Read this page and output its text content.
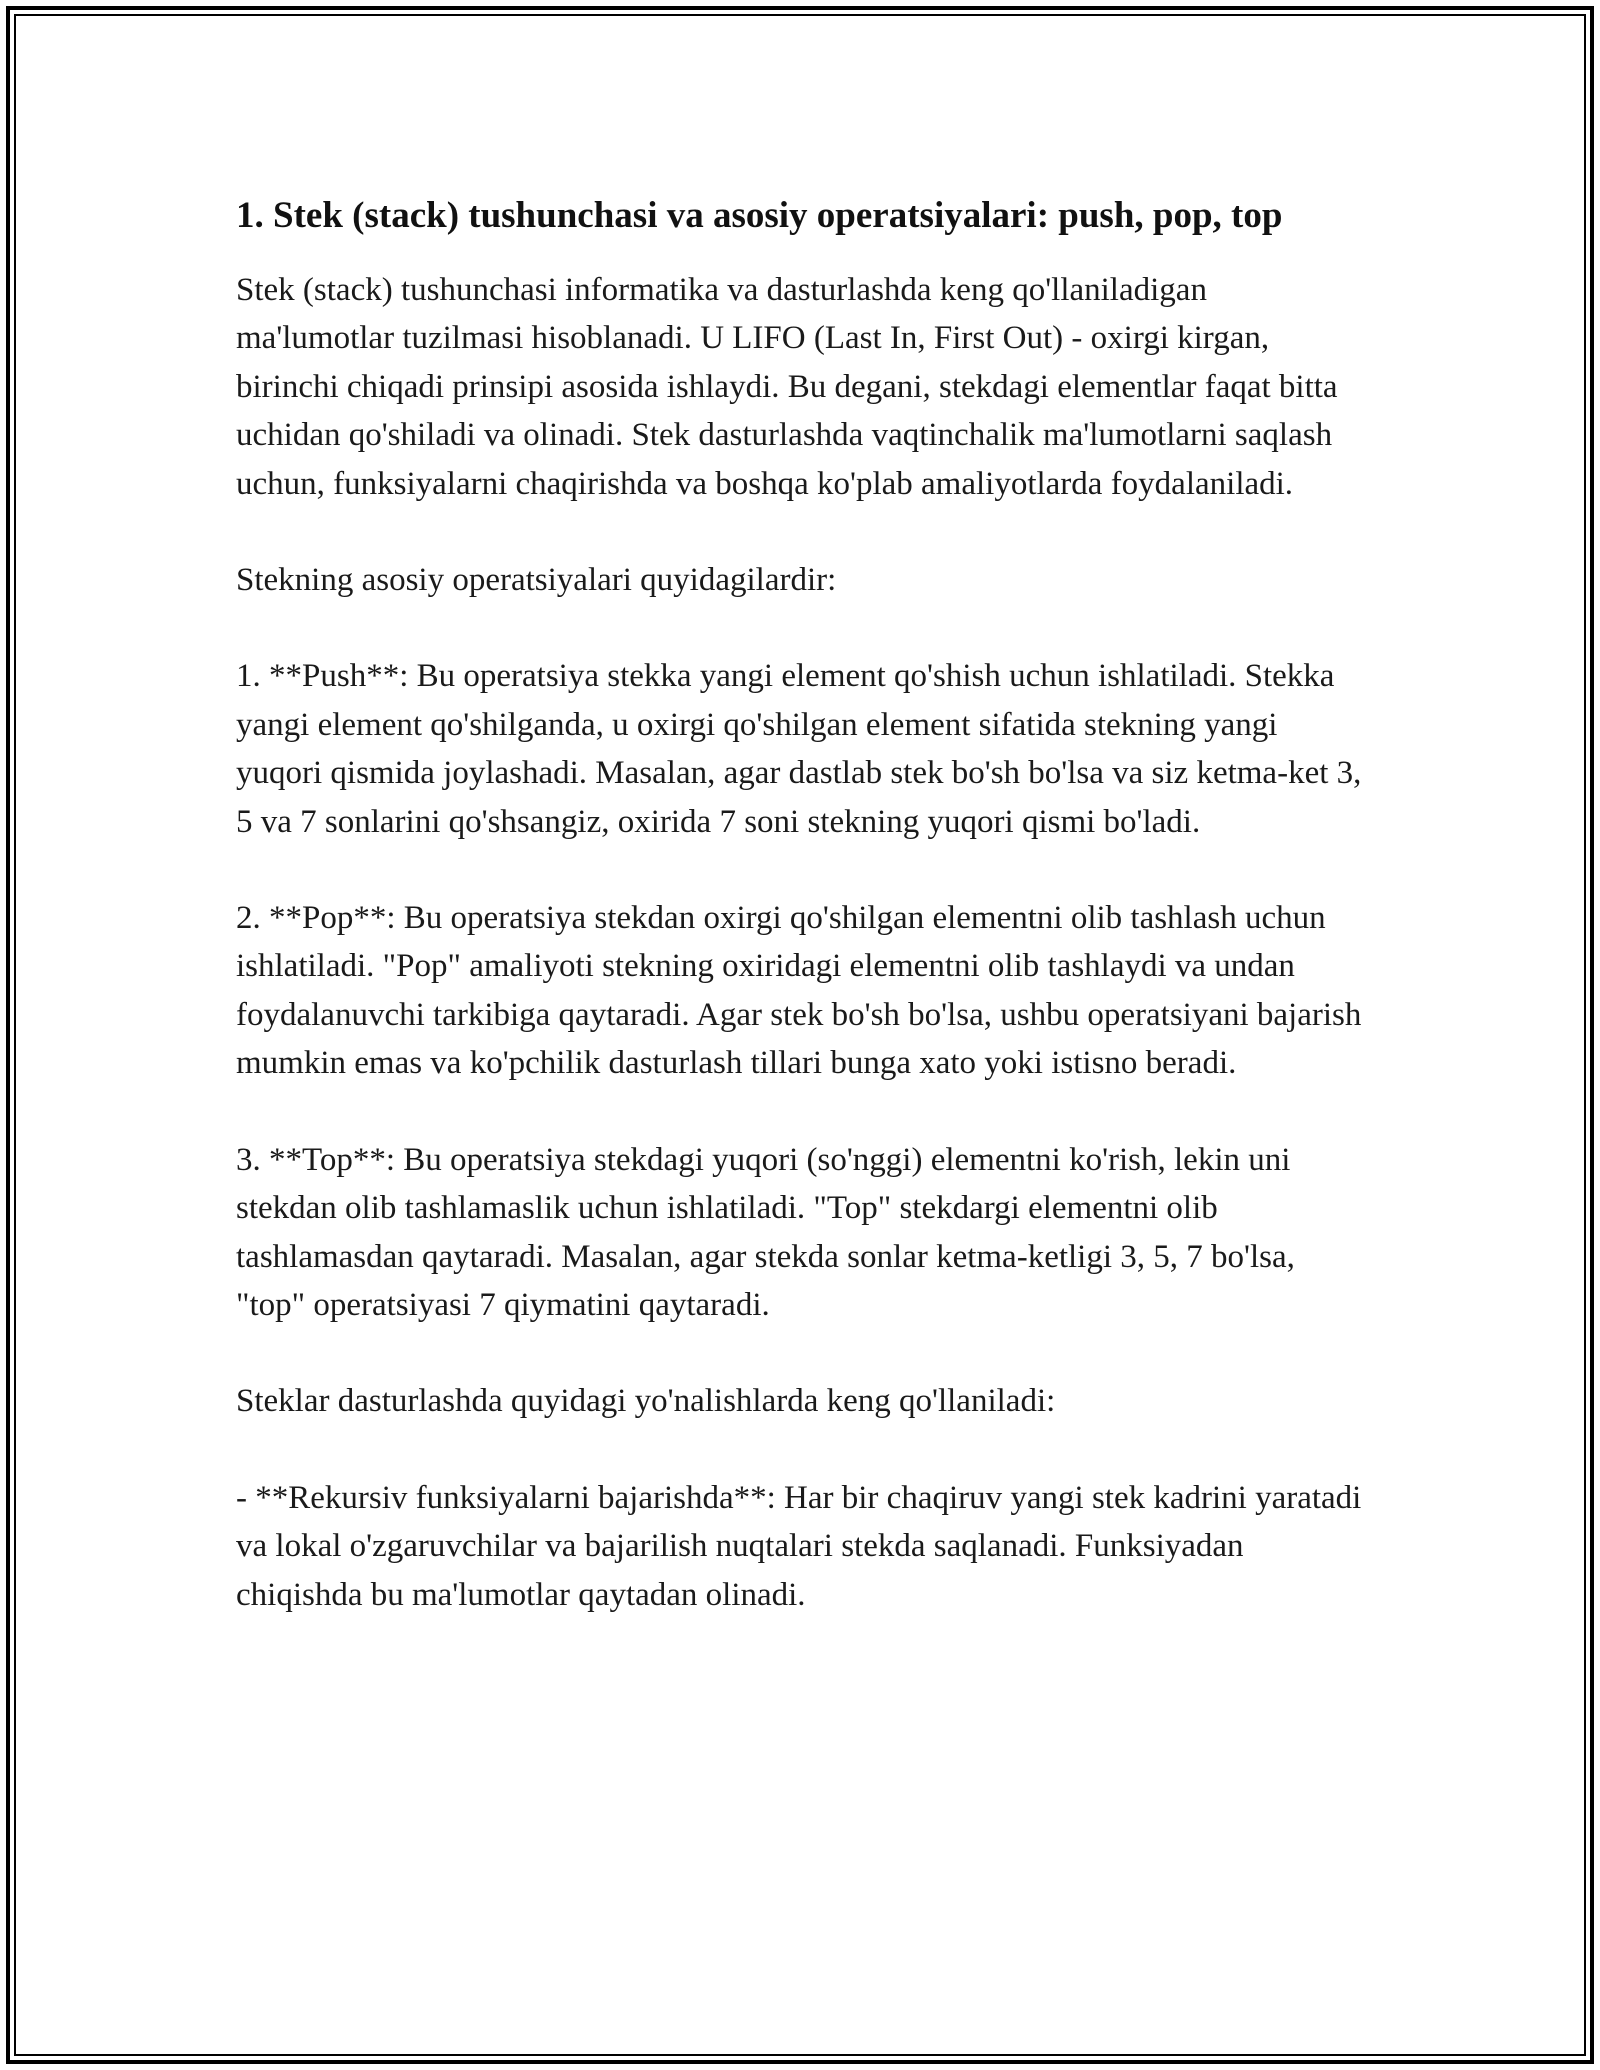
1. Stek (stack) tushunchasi va asosiy operatsiyalari: push, pop, top

Stek (stack) tushunchasi informatika va dasturlashda keng qo'llaniladigan ma'lumotlar tuzilmasi hisoblanadi. U LIFO (Last In, First Out) - oxirgi kirgan, birinchi chiqadi prinsipi asosida ishlaydi. Bu degani, stekdagi elementlar faqat bitta uchidan qo'shiladi va olinadi. Stek dasturlashda vaqtinchalik ma'lumotlarni saqlash uchun, funksiyalarni chaqirishda va boshqa ko'plab amaliyotlarda foydalaniladi.

Stekning asosiy operatsiyalari quyidagilardir:

1. **Push**: Bu operatsiya stekka yangi element qo'shish uchun ishlatiladi. Stekka yangi element qo'shilganda, u oxirgi qo'shilgan element sifatida stekning yangi yuqori qismida joylashadi. Masalan, agar dastlab stek bo'sh bo'lsa va siz ketma-ket 3, 5 va 7 sonlarini qo'shsangiz, oxirida 7 soni stekning yuqori qismi bo'ladi.

2. **Pop**: Bu operatsiya stekdan oxirgi qo'shilgan elementni olib tashlash uchun ishlatiladi. "Pop" amaliyoti stekning oxiridagi elementni olib tashlaydi va undan foydalanuvchi tarkibiga qaytaradi. Agar stek bo'sh bo'lsa, ushbu operatsiyani bajarish mumkin emas va ko'pchilik dasturlash tillari bunga xato yoki istisno beradi.

3. **Top**: Bu operatsiya stekdagi yuqori (so'nggi) elementni ko'rish, lekin uni stekdan olib tashlamaslik uchun ishlatiladi. "Top" stekdargi elementni olib tashlamasdan qaytaradi. Masalan, agar stekda sonlar ketma-ketligi 3, 5, 7 bo'lsa, "top" operatsiyasi 7 qiymatini qaytaradi.

Steklar dasturlashda quyidagi yo'nalishlarda keng qo'llaniladi:

- **Rekursiv funksiyalarni bajarishda**: Har bir chaqiruv yangi stek kadrini yaratadi va lokal o'zgaruvchilar va bajarilish nuqtalari stekda saqlanadi. Funksiyadan chiqishda bu ma'lumotlar qaytadan olinadi.
